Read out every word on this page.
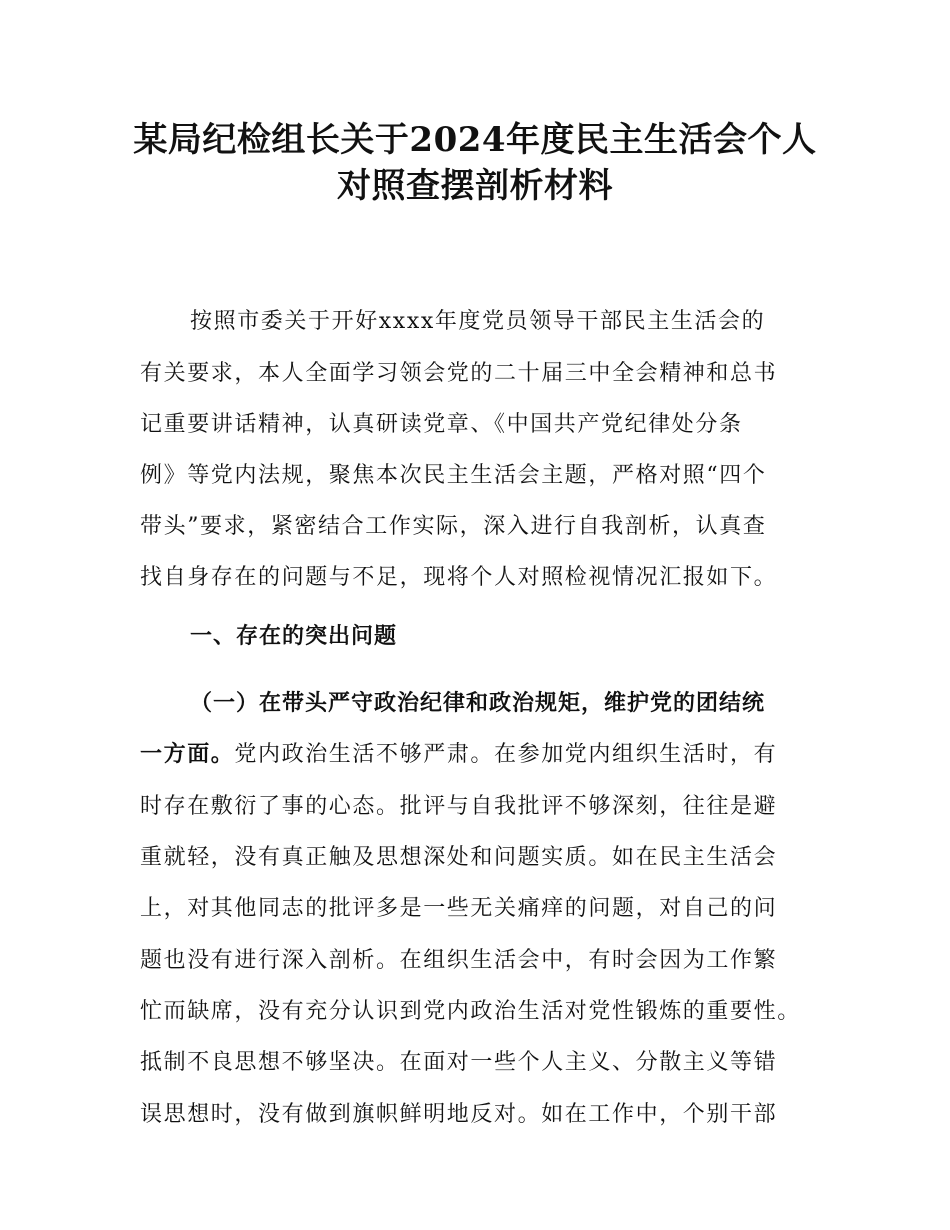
某局纪检组长关于2024年度民主生活会个人
对照查摆剖析材料
按照市委关于开好xxxx年度党员领导干部民主生活会的
有关要求，本人全面学习领会党的二十届三中全会精神和总书
记重要讲话精神，认真研读党章、《中国共产党纪律处分条
例》等党内法规，聚焦本次民主生活会主题，严格对照“四个
带头”要求，紧密结合工作实际，深入进行自我剖析，认真查
找自身存在的问题与不足，现将个人对照检视情况汇报如下。
一、存在的突出问题
（一）在带头严守政治纪律和政治规矩，维护党的团结统
一方面。党内政治生活不够严肃。在参加党内组织生活时，有
时存在敷衍了事的心态。批评与自我批评不够深刻，往往是避
重就轻，没有真正触及思想深处和问题实质。如在民主生活会
上，对其他同志的批评多是一些无关痛痒的问题，对自己的问
题也没有进行深入剖析。在组织生活会中，有时会因为工作繁
忙而缺席，没有充分认识到党内政治生活对党性锻炼的重要性。
抵制不良思想不够坚决。在面对一些个人主义、分散主义等错
误思想时，没有做到旗帜鲜明地反对。如在工作中，个别干部
